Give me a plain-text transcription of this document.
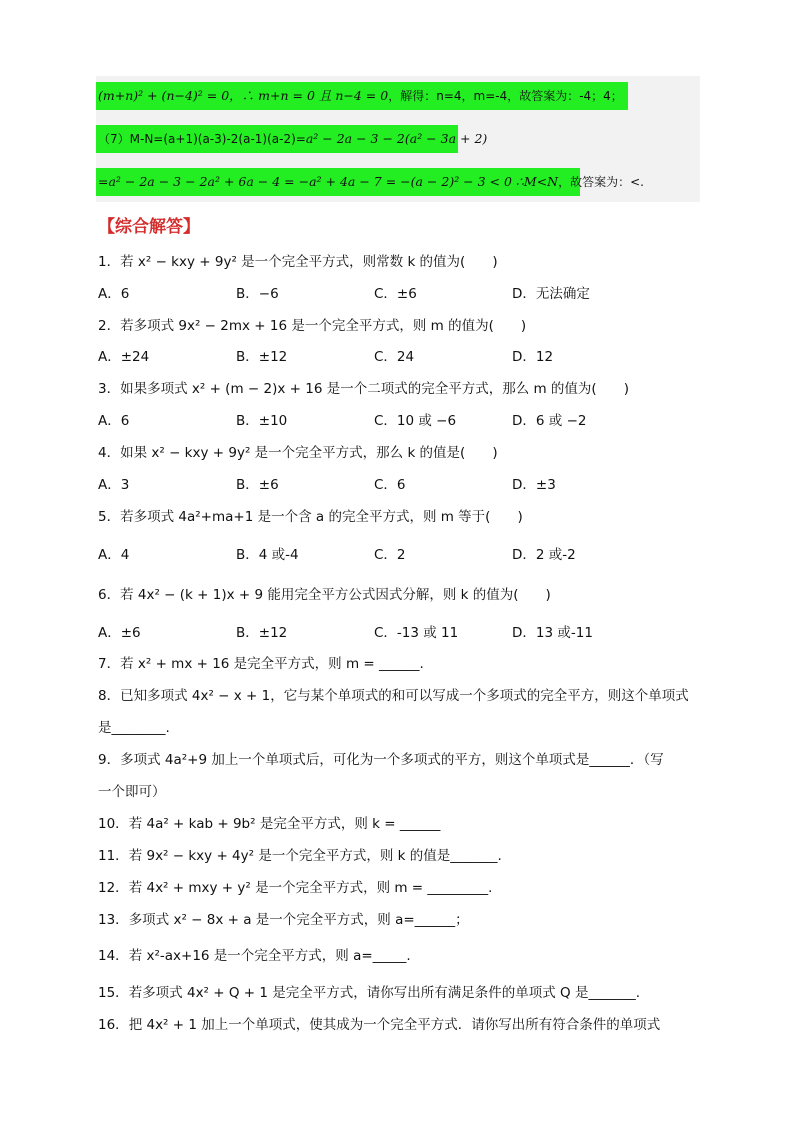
(m+n)² + (n−4)² = 0，∴ m+n = 0 且 n−4 = 0，解得：n=4，m=-4，故答案为：-4；4；
（7）M-N=(a+1)(a-3)-2(a-1)(a-2)=a² − 2a − 3 − 2(a² − 3a + 2)
=a² − 2a − 3 − 2a² + 6a − 4 = −a² + 4a − 7 = −(a − 2)² − 3 < 0 ∴M<N，故答案为：<.
【综合解答】
1．若 x² − kxy + 9y² 是一个完全平方式，则常数 k 的值为(　　)
A．6	B．−6	C．±6	D．无法确定
2．若多项式 9x² − 2mx + 16 是一个完全平方式，则 m 的值为(　　)
A．±24	B．±12	C．24	D．12
3．如果多项式 x² + (m − 2)x + 16 是一个二项式的完全平方式，那么 m 的值为(　　)
A．6	B．±10	C．10 或 −6	D．6 或 −2
4．如果 x² − kxy + 9y² 是一个完全平方式，那么 k 的值是(　　)
A．3	B．±6	C．6	D．±3
5．若多项式 4a²+ma+1 是一个含 a 的完全平方式，则 m 等于(　　)
A．4	B．4 或-4	C．2	D．2 或-2
6．若 4x² − (k + 1)x + 9 能用完全平方公式因式分解，则 k 的值为(　　)
A．±6	B．±12	C．-13 或 11	D．13 或-11
7．若 x² + mx + 16 是完全平方式，则 m = ______.
8．已知多项式 4x² − x + 1，它与某个单项式的和可以写成一个多项式的完全平方，则这个单项式
是________.
9．多项式 4a²+9 加上一个单项式后，可化为一个多项式的平方，则这个单项式是______．（写
一个即可）
10．若 4a² + kab + 9b² 是完全平方式，则 k = ______
11．若 9x² − kxy + 4y² 是一个完全平方式，则 k 的值是_______.
12．若 4x² + mxy + y² 是一个完全平方式，则 m = _________.
13．多项式 x² − 8x + a 是一个完全平方式，则 a=______；
14．若 x²-ax+16 是一个完全平方式，则 a=_____.
15．若多项式 4x² + Q + 1 是完全平方式，请你写出所有满足条件的单项式 Q 是_______.
16．把 4x² + 1 加上一个单项式，使其成为一个完全平方式．请你写出所有符合条件的单项式
